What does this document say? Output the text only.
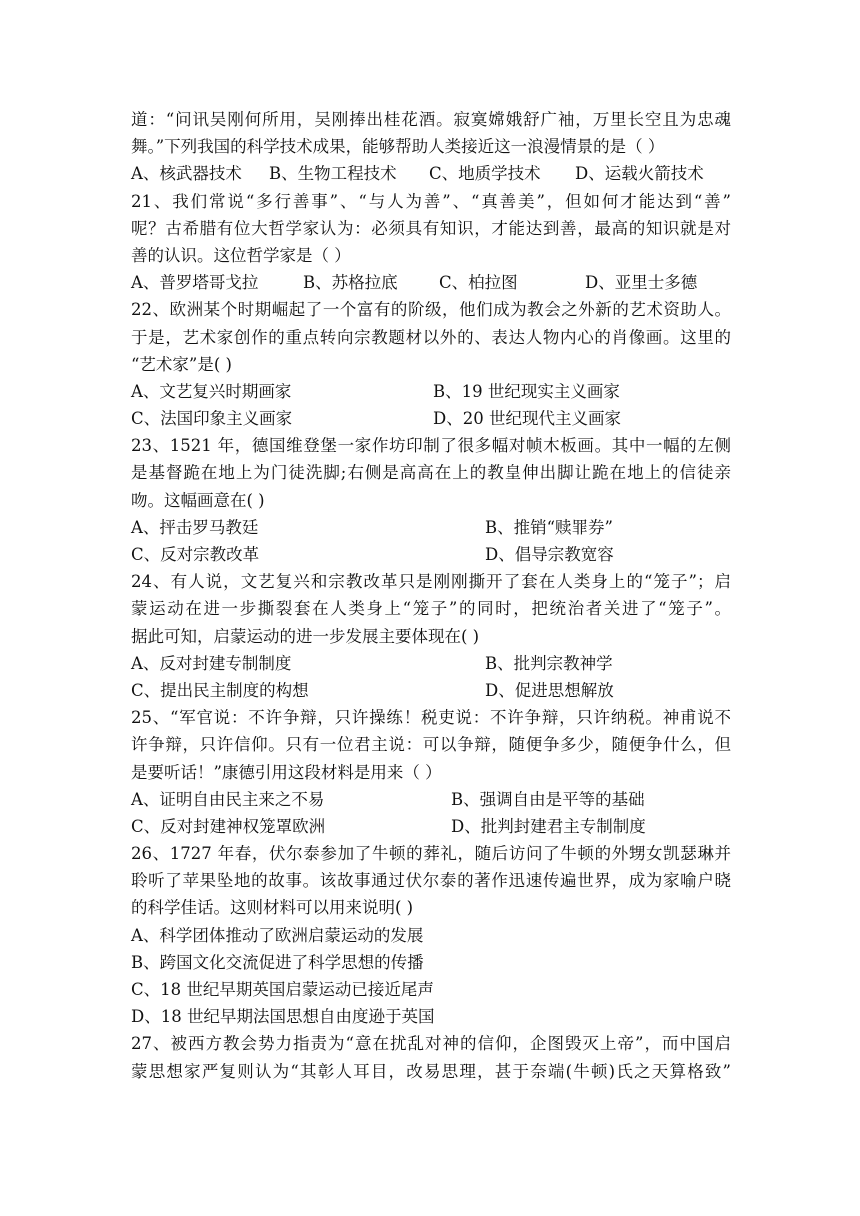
道：“问讯吴刚何所用，吴刚捧出桂花酒。寂寞嫦娥舒广袖，万里长空且为忠魂
舞。”下列我国的科学技术成果，能够帮助人类接近这一浪漫情景的是（ ）
A、核武器技术	B、生物工程技术	C、地质学技术	D、运载火箭技术
21、我们常说“多行善事”、“与人为善”、“真善美”，但如何才能达到“善”
呢？古希腊有位大哲学家认为：必须具有知识，才能达到善，最高的知识就是对
善的认识。这位哲学家是（ ）
A、普罗塔哥戈拉	B、苏格拉底	C、柏拉图	D、亚里士多德
22、欧洲某个时期崛起了一个富有的阶级，他们成为教会之外新的艺术资助人。
于是，艺术家创作的重点转向宗教题材以外的、表达人物内心的肖像画。这里的
“艺术家”是( )
A、文艺复兴时期画家	B、19 世纪现实主义画家
C、法国印象主义画家	D、20 世纪现代主义画家
23、1521 年，德国维登堡一家作坊印制了很多幅对帧木板画。其中一幅的左侧
是基督跪在地上为门徒洗脚;右侧是高高在上的教皇伸出脚让跪在地上的信徒亲
吻。这幅画意在( )
A、抨击罗马教廷	B、推销“赎罪券”
C、反对宗教改革	D、倡导宗教宽容
24、有人说，文艺复兴和宗教改革只是刚刚撕开了套在人类身上的“笼子”；启
蒙运动在进一步撕裂套在人类身上“笼子”的同时，把统治者关进了“笼子”。
据此可知，启蒙运动的进一步发展主要体现在( )
A、反对封建专制制度	B、批判宗教神学
C、提出民主制度的构想	D、促进思想解放
25、“军官说：不许争辩，只许操练！税吏说：不许争辩，只许纳税。神甫说不
许争辩，只许信仰。只有一位君主说：可以争辩，随便争多少，随便争什么，但
是要听话！”康德引用这段材料是用来（ ）
A、证明自由民主来之不易	B、强调自由是平等的基础
C、反对封建神权笼罩欧洲	D、批判封建君主专制制度
26、1727 年春，伏尔泰参加了牛顿的葬礼，随后访问了牛顿的外甥女凯瑟琳并
聆听了苹果坠地的故事。该故事通过伏尔泰的著作迅速传遍世界，成为家喻户晓
的科学佳话。这则材料可以用来说明( )
A、科学团体推动了欧洲启蒙运动的发展
B、跨国文化交流促进了科学思想的传播
C、18 世纪早期英国启蒙运动已接近尾声
D、18 世纪早期法国思想自由度逊于英国
27、被西方教会势力指责为“意在扰乱对神的信仰，企图毁灭上帝”，而中国启
蒙思想家严复则认为“其彰人耳目，改易思理，甚于奈端(牛顿)氏之天算格致”
